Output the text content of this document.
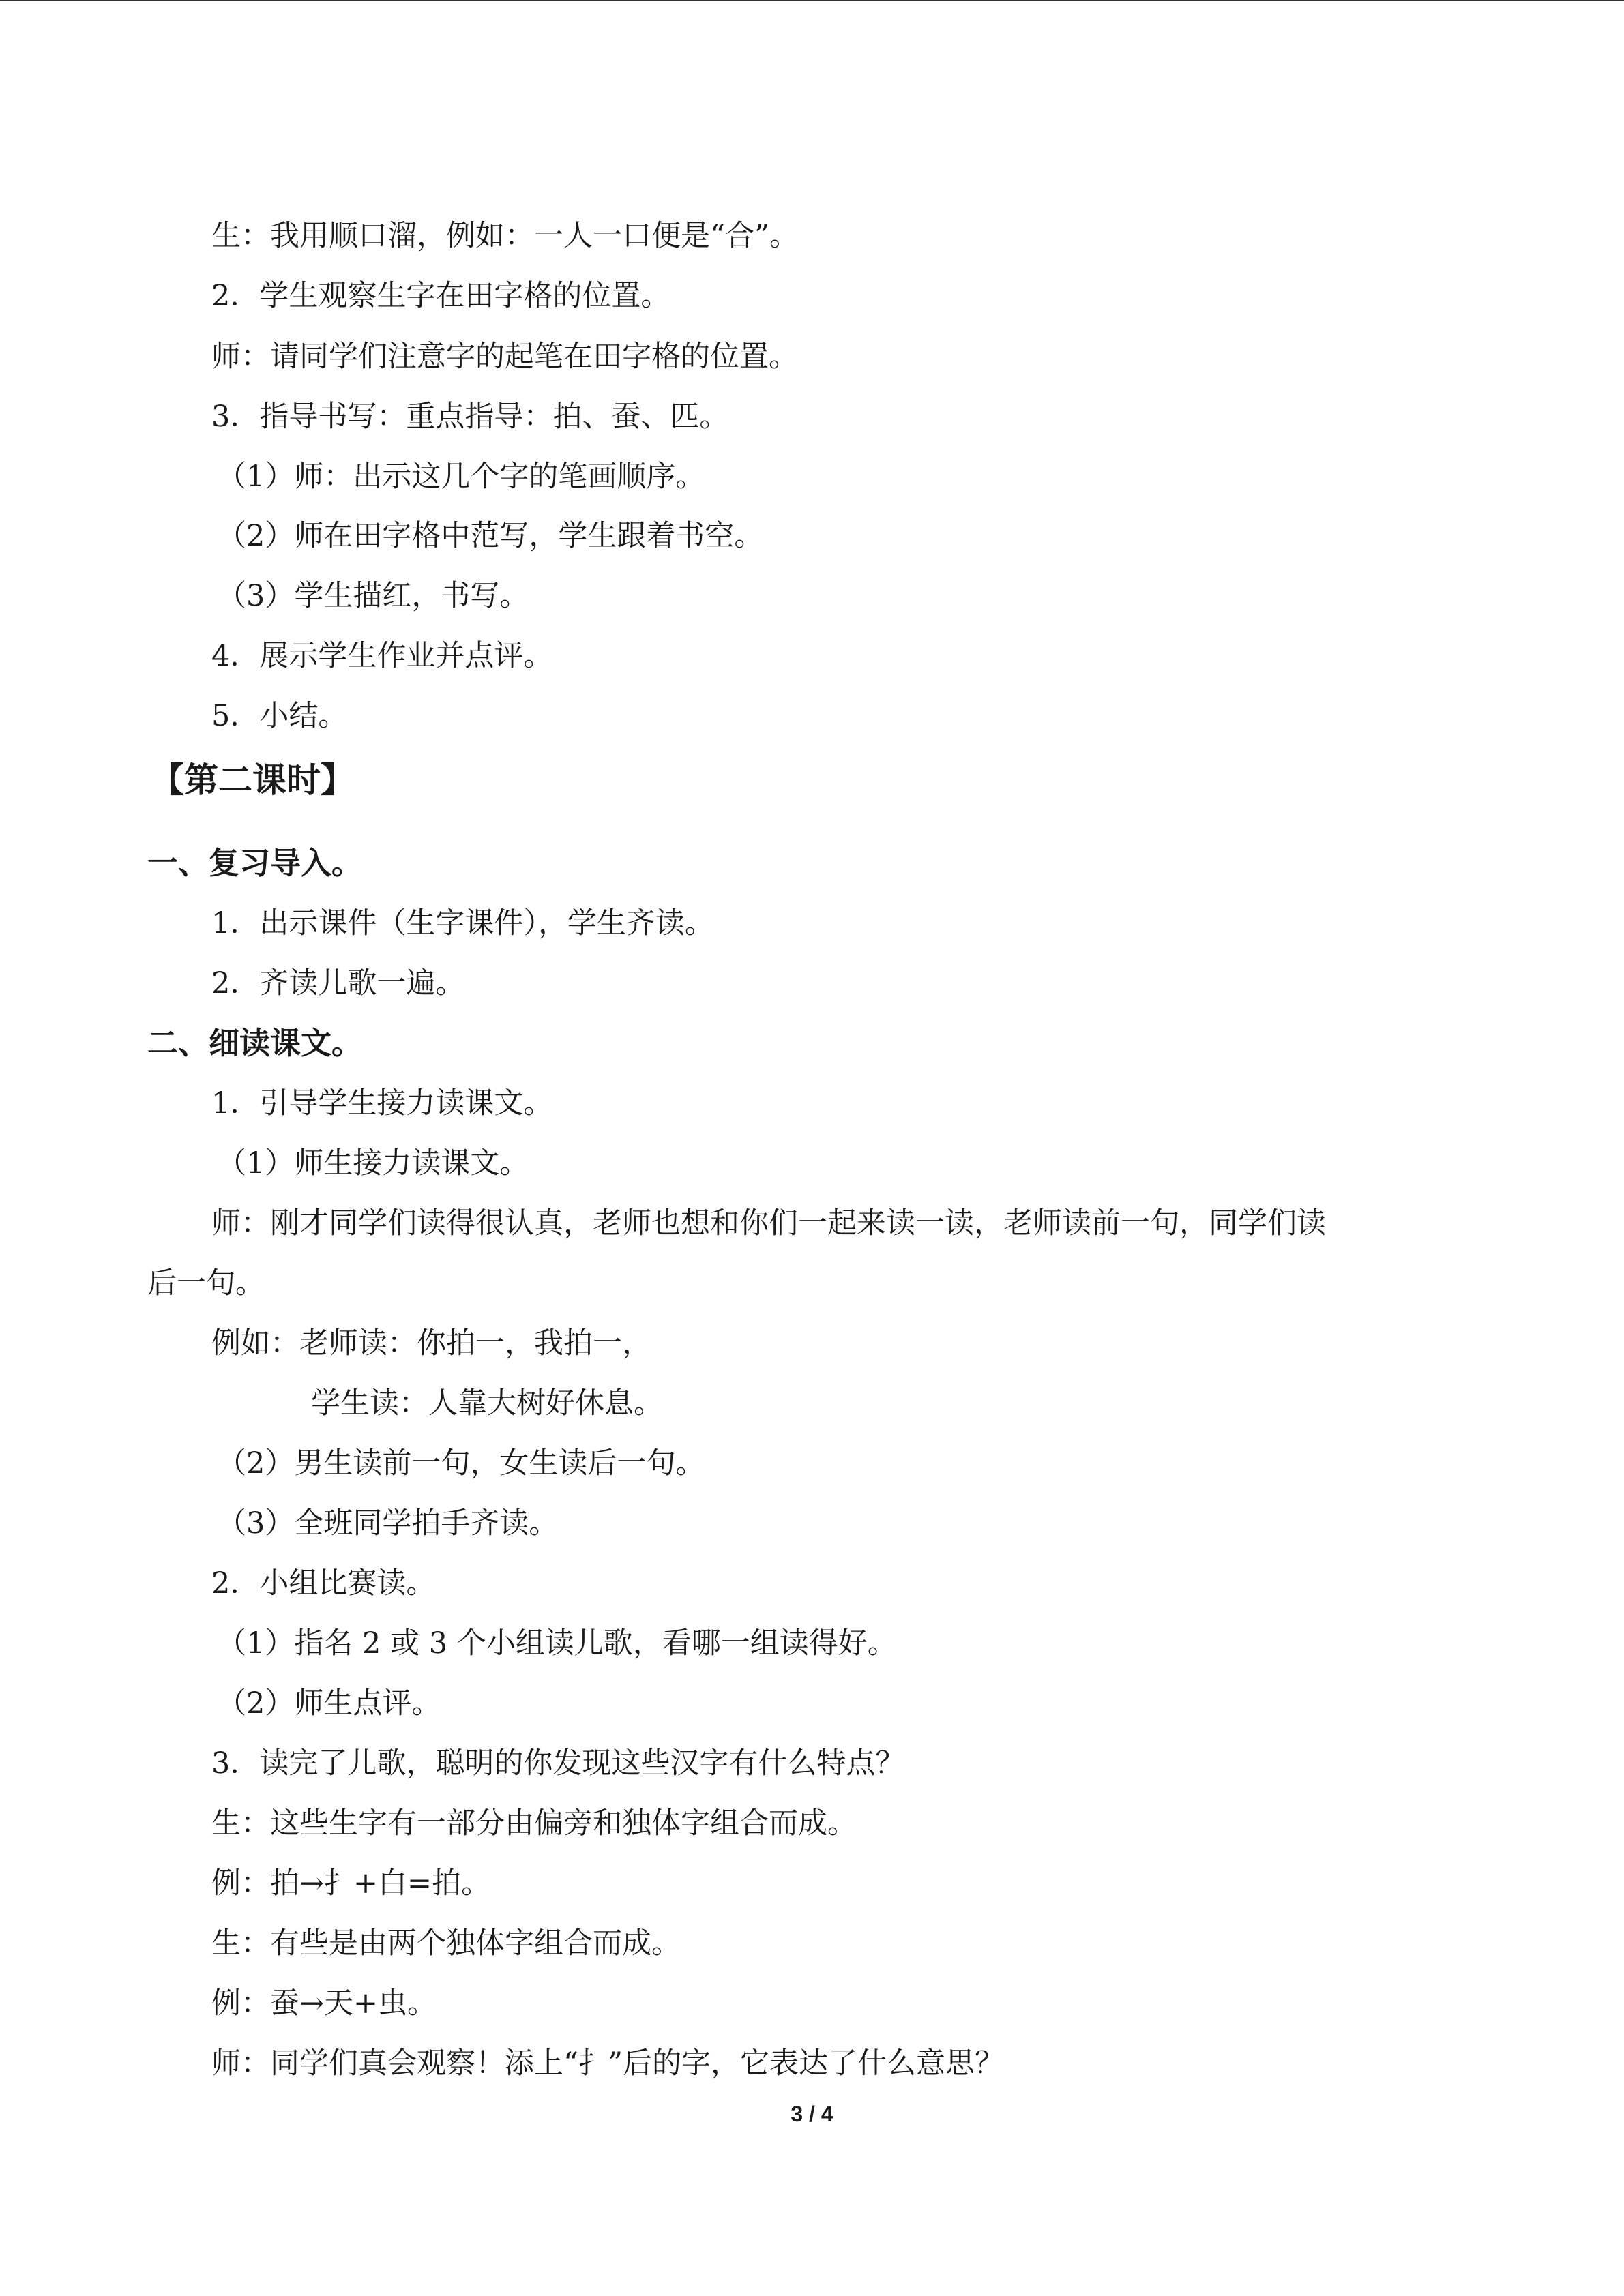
生：我用顺口溜，例如：一人一口便是“合”。
2．学生观察生字在田字格的位置。
师：请同学们注意字的起笔在田字格的位置。
3．指导书写：重点指导：拍、蚕、匹。
（1）师：出示这几个字的笔画顺序。
（2）师在田字格中范写，学生跟着书空。
（3）学生描红，书写。
4．展示学生作业并点评。
5．小结。
【第二课时】
一、复习导入。
1．出示课件（生字课件），学生齐读。
2．齐读儿歌一遍。
二、细读课文。
1．引导学生接力读课文。
（1）师生接力读课文。
师：刚才同学们读得很认真，老师也想和你们一起来读一读，老师读前一句，同学们读
后一句。
例如：老师读：你拍一，我拍一，
学生读：人靠大树好休息。
（2）男生读前一句，女生读后一句。
（3）全班同学拍手齐读。
2．小组比赛读。
（1）指名 2 或 3 个小组读儿歌，看哪一组读得好。
（2）师生点评。
3．读完了儿歌，聪明的你发现这些汉字有什么特点？
生：这些生字有一部分由偏旁和独体字组合而成。
例：拍→扌+白=拍。
生：有些是由两个独体字组合而成。
例：蚕→天+虫。
师：同学们真会观察！添上“扌”后的字，它表达了什么意思？
3 / 4
